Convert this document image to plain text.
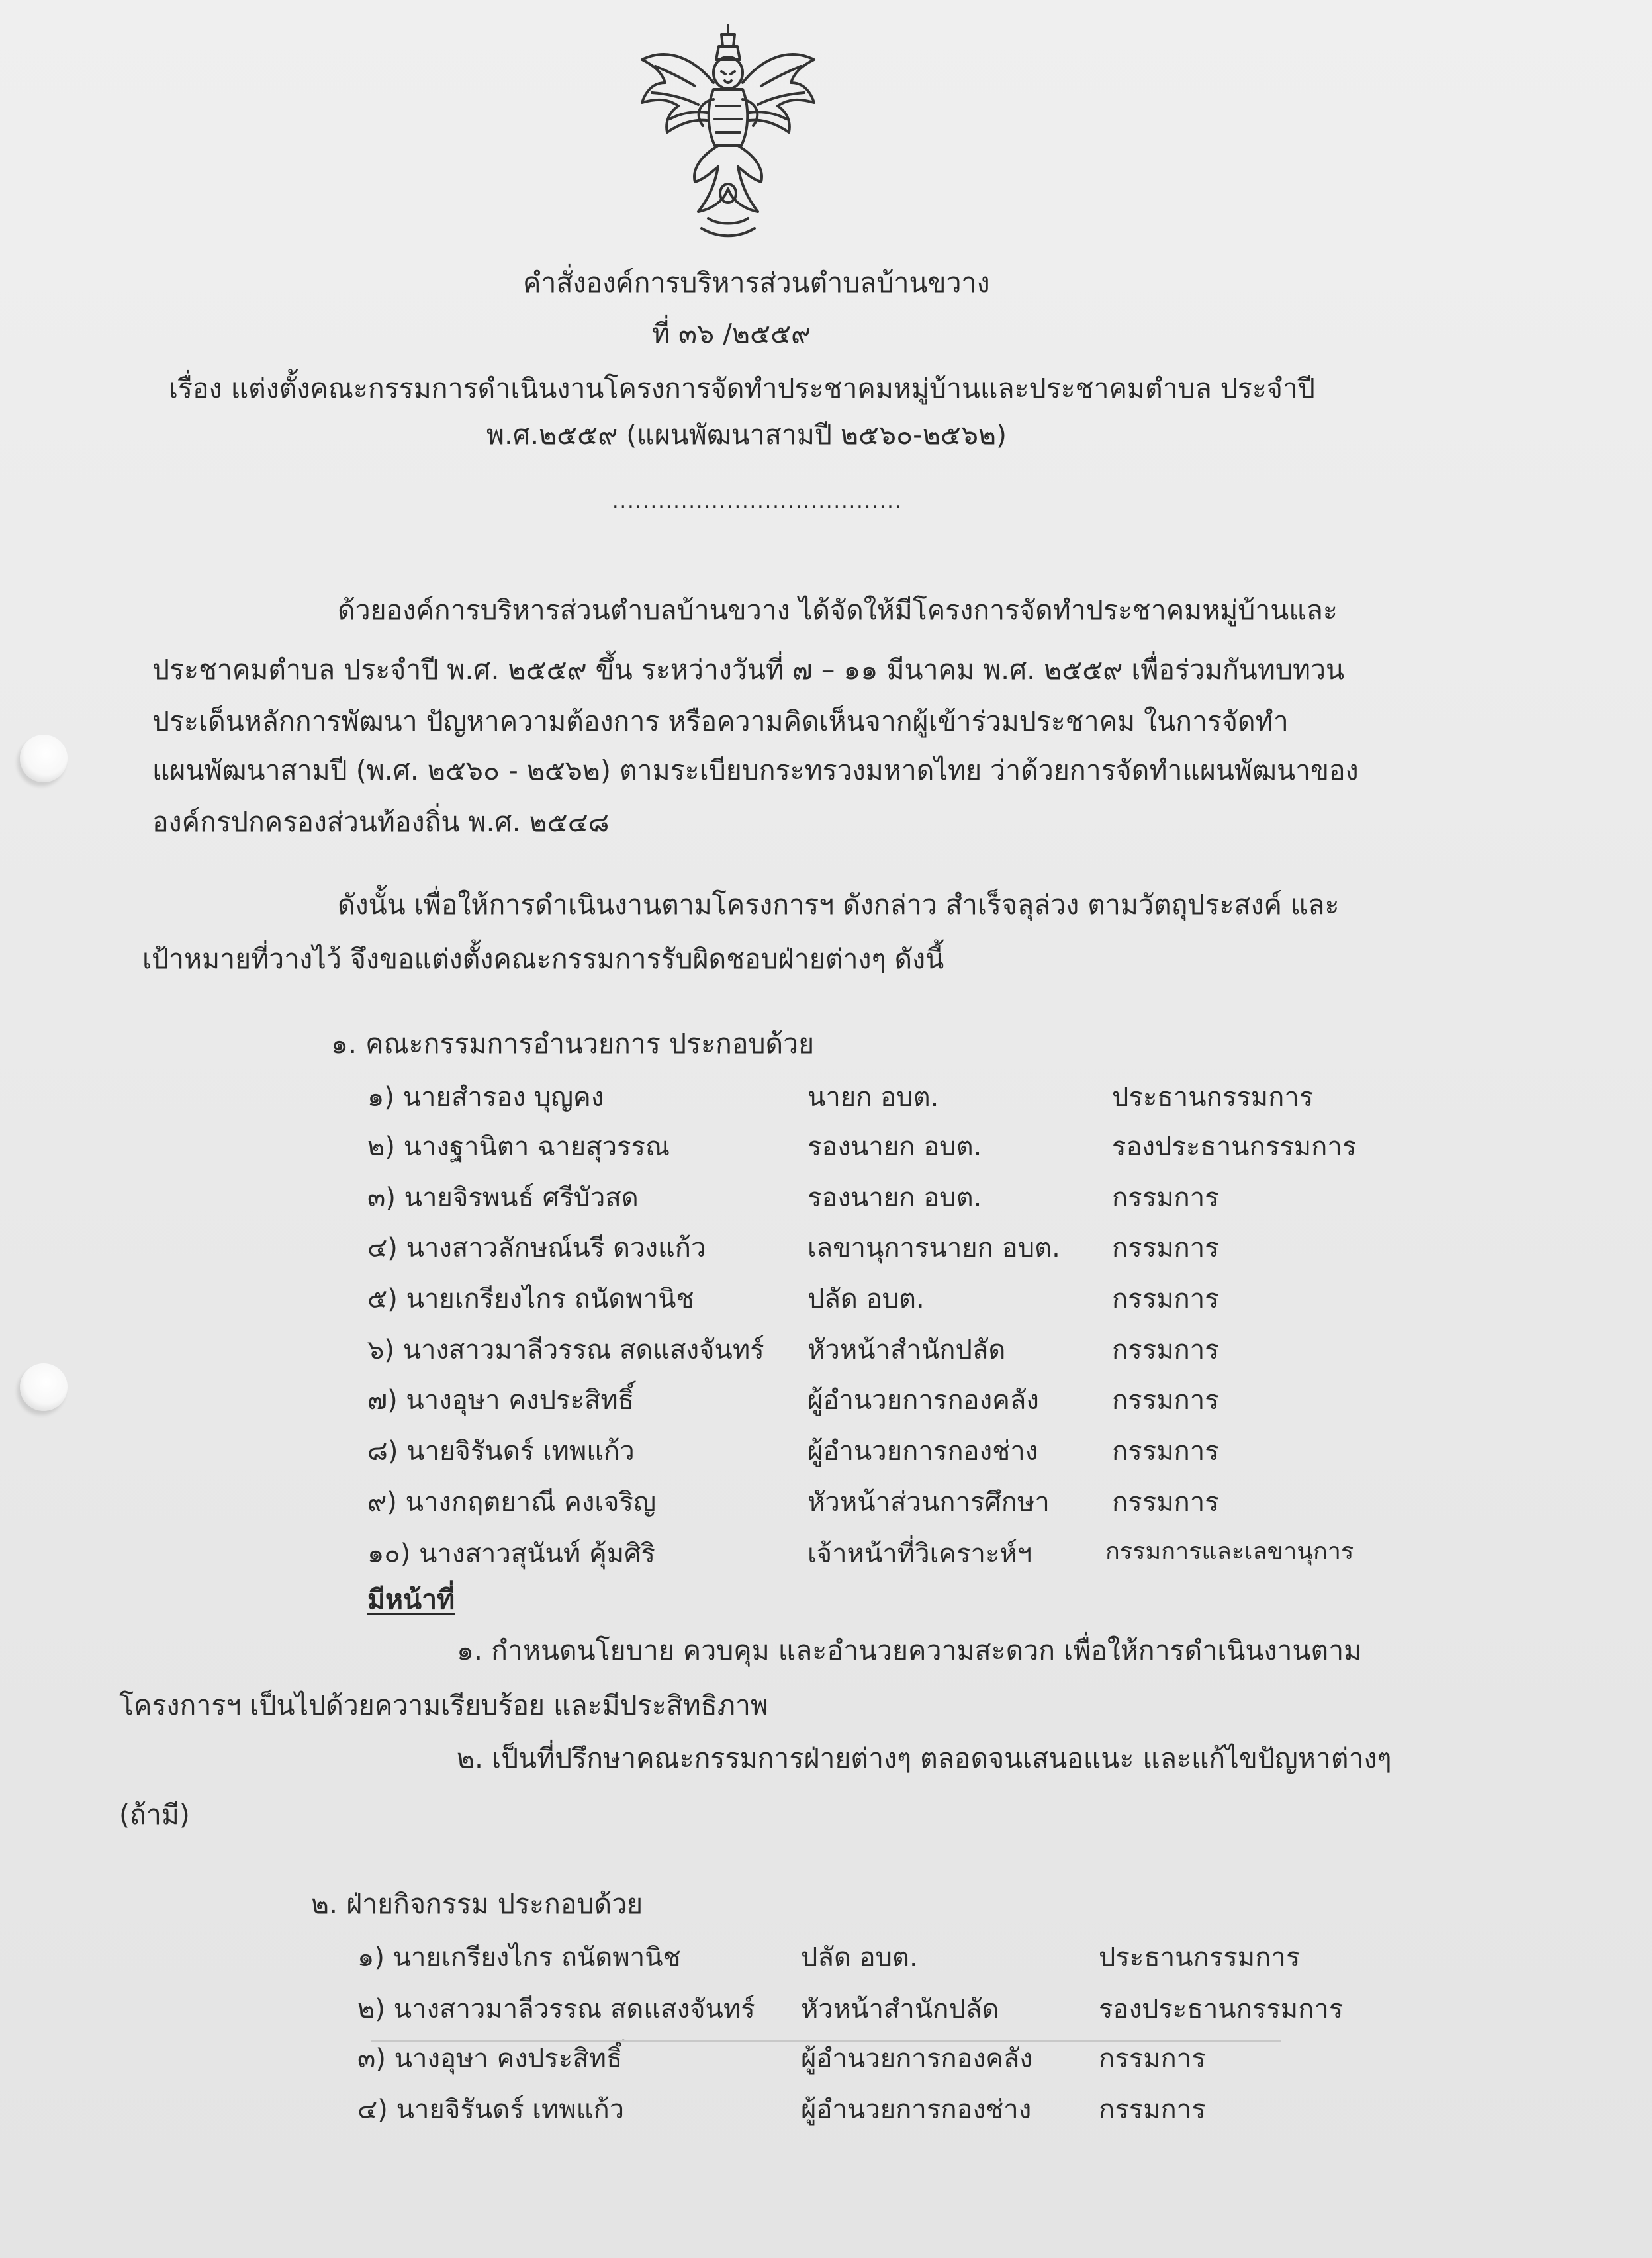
คำสั่งองค์การบริหารส่วนตำบลบ้านขวาง
ที่ ๓๖ /๒๕๕๙
เรื่อง แต่งตั้งคณะกรรมการดำเนินงานโครงการจัดทำประชาคมหมู่บ้านและประชาคมตำบล ประจำปี
พ.ศ.๒๕๕๙ (แผนพัฒนาสามปี ๒๕๖๐-๒๕๖๒)
......................................
ด้วยองค์การบริหารส่วนตำบลบ้านขวาง ได้จัดให้มีโครงการจัดทำประชาคมหมู่บ้านและ
ประชาคมตำบล ประจำปี พ.ศ. ๒๕๕๙ ขึ้น ระหว่างวันที่ ๗ – ๑๑ มีนาคม พ.ศ. ๒๕๕๙ เพื่อร่วมกันทบทวน
ประเด็นหลักการพัฒนา ปัญหาความต้องการ หรือความคิดเห็นจากผู้เข้าร่วมประชาคม ในการจัดทำ
แผนพัฒนาสามปี (พ.ศ. ๒๕๖๐ - ๒๕๖๒) ตามระเบียบกระทรวงมหาดไทย ว่าด้วยการจัดทำแผนพัฒนาของ
องค์กรปกครองส่วนท้องถิ่น พ.ศ. ๒๕๔๘
ดังนั้น เพื่อให้การดำเนินงานตามโครงการฯ ดังกล่าว สำเร็จลุล่วง ตามวัตถุประสงค์ และ
เป้าหมายที่วางไว้ จึงขอแต่งตั้งคณะกรรมการรับผิดชอบฝ่ายต่างๆ ดังนี้
๑. คณะกรรมการอำนวยการ ประกอบด้วย
๑) นายสำรอง บุญคง	นายก อบต.	ประธานกรรมการ
๒) นางฐานิตา ฉายสุวรรณ	รองนายก อบต.	รองประธานกรรมการ
๓) นายจิรพนธ์ ศรีบัวสด	รองนายก อบต.	กรรมการ
๔) นางสาวลักษณ์นรี ดวงแก้ว	เลขานุการนายก อบต. กรรมการ
๕) นายเกรียงไกร ถนัดพานิช	ปลัด อบต.	กรรมการ
๖) นางสาวมาลีวรรณ สดแสงจันทร์ หัวหน้าสำนักปลัด	กรรมการ
๗) นางอุษา คงประสิทธิ์	ผู้อำนวยการกองคลัง	กรรมการ
๘) นายจิรันดร์ เทพแก้ว	ผู้อำนวยการกองช่าง	กรรมการ
๙) นางกฤตยาณี คงเจริญ	หัวหน้าส่วนการศึกษา กรรมการ
๑๐) นางสาวสุนันท์ คุ้มศิริ	เจ้าหน้าที่วิเคราะห์ฯ	กรรมการและเลขานุการ
มีหน้าที่
๑. กำหนดนโยบาย ควบคุม และอำนวยความสะดวก เพื่อให้การดำเนินงานตาม
โครงการฯ เป็นไปด้วยความเรียบร้อย และมีประสิทธิภาพ
๒. เป็นที่ปรึกษาคณะกรรมการฝ่ายต่างๆ ตลอดจนเสนอแนะ และแก้ไขปัญหาต่างๆ
(ถ้ามี)
๒. ฝ่ายกิจกรรม ประกอบด้วย
๑) นายเกรียงไกร ถนัดพานิช	ปลัด อบต.	ประธานกรรมการ
๒) นางสาวมาลีวรรณ สดแสงจันทร์ หัวหน้าสำนักปลัด	รองประธานกรรมการ
๓) นางอุษา คงประสิทธิ์	ผู้อำนวยการกองคลัง	กรรมการ
๔) นายจิรันดร์ เทพแก้ว	ผู้อำนวยการกองช่าง	กรรมการ
